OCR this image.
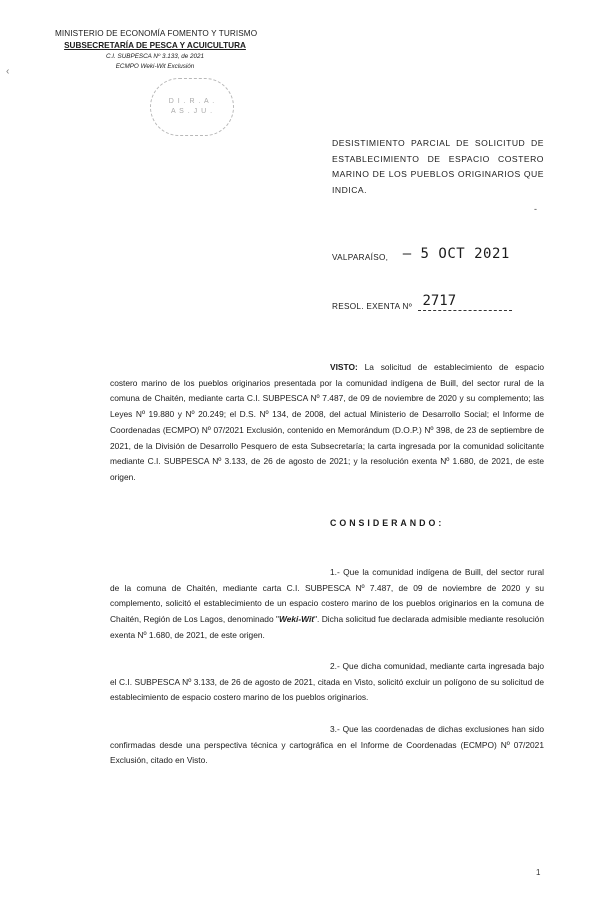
‹
MINISTERIO DE ECONOMÍA FOMENTO Y TURISMO
SUBSECRETARÍA DE PESCA Y ACUICULTURA
C.I. SUBPESCA Nº 3.133, de 2021
ECMPO Weki-Wit Exclusión
D I . R . A .
A S . J U .
DESISTIMIENTO PARCIAL DE SOLICITUD DE ESTABLECIMIENTO DE ESPACIO COSTERO MARINO DE LOS PUEBLOS ORIGINARIOS QUE INDICA.
-
VALPARAÍSO, – 5 OCT 2021
RESOL. EXENTA Nº 2717

VISTO: La solicitud de establecimiento de espacio costero marino de los pueblos originarios presentada por la comunidad indígena de Buill, del sector rural de la comuna de Chaitén, mediante carta C.I. SUBPESCA Nº 7.487, de 09 de noviembre de 2020 y su complemento; las Leyes Nº 19.880 y Nº 20.249; el D.S. Nº 134, de 2008, del actual Ministerio de Desarrollo Social; el Informe de Coordenadas (ECMPO) Nº 07/2021 Exclusión, contenido en Memorándum (D.O.P.) Nº 398, de 23 de septiembre de 2021, de la División de Desarrollo Pesquero de esta Subsecretaría; la carta ingresada por la comunidad solicitante mediante C.I. SUBPESCA Nº 3.133, de 26 de agosto de 2021; y la resolución exenta Nº 1.680, de 2021, de este origen.

CONSIDERANDO:

1.- Que la comunidad indígena de Buill, del sector rural de la comuna de Chaitén, mediante carta C.I. SUBPESCA Nº 7.487, de 09 de noviembre de 2020 y su complemento, solicitó el establecimiento de un espacio costero marino de los pueblos originarios en la comuna de Chaitén, Región de Los Lagos, denominado "Weki-Wit". Dicha solicitud fue declarada admisible mediante resolución exenta Nº 1.680, de 2021, de este origen.

2.- Que dicha comunidad, mediante carta ingresada bajo el C.I. SUBPESCA Nº 3.133, de 26 de agosto de 2021, citada en Visto, solicitó excluir un polígono de su solicitud de establecimiento de espacio costero marino de los pueblos originarios.

3.- Que las coordenadas de dichas exclusiones han sido confirmadas desde una perspectiva técnica y cartográfica en el Informe de Coordenadas (ECMPO) Nº 07/2021 Exclusión, citado en Visto.

1
